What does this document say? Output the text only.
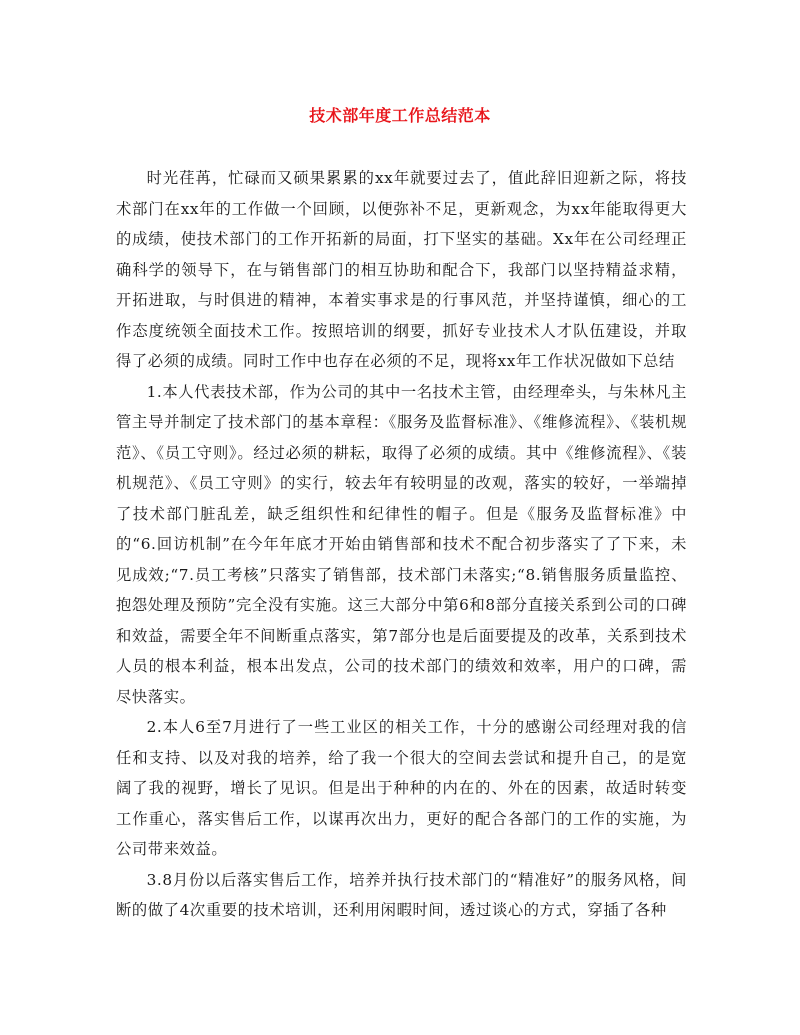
技术部年度工作总结范本

时光荏苒，忙碌而又硕果累累的xx年就要过去了，值此辞旧迎新之际，将技术部门在xx年的工作做一个回顾，以便弥补不足，更新观念，为xx年能取得更大的成绩，使技术部门的工作开拓新的局面，打下坚实的基础。Xx年在公司经理正确科学的领导下，在与销售部门的相互协助和配合下，我部门以坚持精益求精，开拓进取，与时俱进的精神，本着实事求是的行事风范，并坚持谨慎，细心的工作态度统领全面技术工作。按照培训的纲要，抓好专业技术人才队伍建设，并取得了必须的成绩。同时工作中也存在必须的不足，现将xx年工作状况做如下总结

1.本人代表技术部，作为公司的其中一名技术主管，由经理牵头，与朱林凡主管主导并制定了技术部门的基本章程：《服务及监督标准》、《维修流程》、《装机规范》、《员工守则》。经过必须的耕耘，取得了必须的成绩。其中《维修流程》、《装机规范》、《员工守则》的实行，较去年有较明显的改观，落实的较好，一举端掉了技术部门脏乱差，缺乏组织性和纪律性的帽子。但是《服务及监督标准》中的“6.回访机制”在今年年底才开始由销售部和技术不配合初步落实了了下来，未见成效;“7.员工考核”只落实了销售部，技术部门未落实;“8.销售服务质量监控、抱怨处理及预防”完全没有实施。这三大部分中第6和8部分直接关系到公司的口碑和效益，需要全年不间断重点落实，第7部分也是后面要提及的改革，关系到技术人员的根本利益，根本出发点，公司的技术部门的绩效和效率，用户的口碑，需尽快落实。

2.本人6至7月进行了一些工业区的相关工作，十分的感谢公司经理对我的信任和支持、以及对我的培养，给了我一个很大的空间去尝试和提升自己，的是宽阔了我的视野，增长了见识。但是出于种种的内在的、外在的因素，故适时转变工作重心，落实售后工作，以谋再次出力，更好的配合各部门的工作的实施，为公司带来效益。

3.8月份以后落实售后工作，培养并执行技术部门的“精准好”的服务风格，间断的做了4次重要的技术培训，还利用闲暇时间，透过谈心的方式，穿插了各种
